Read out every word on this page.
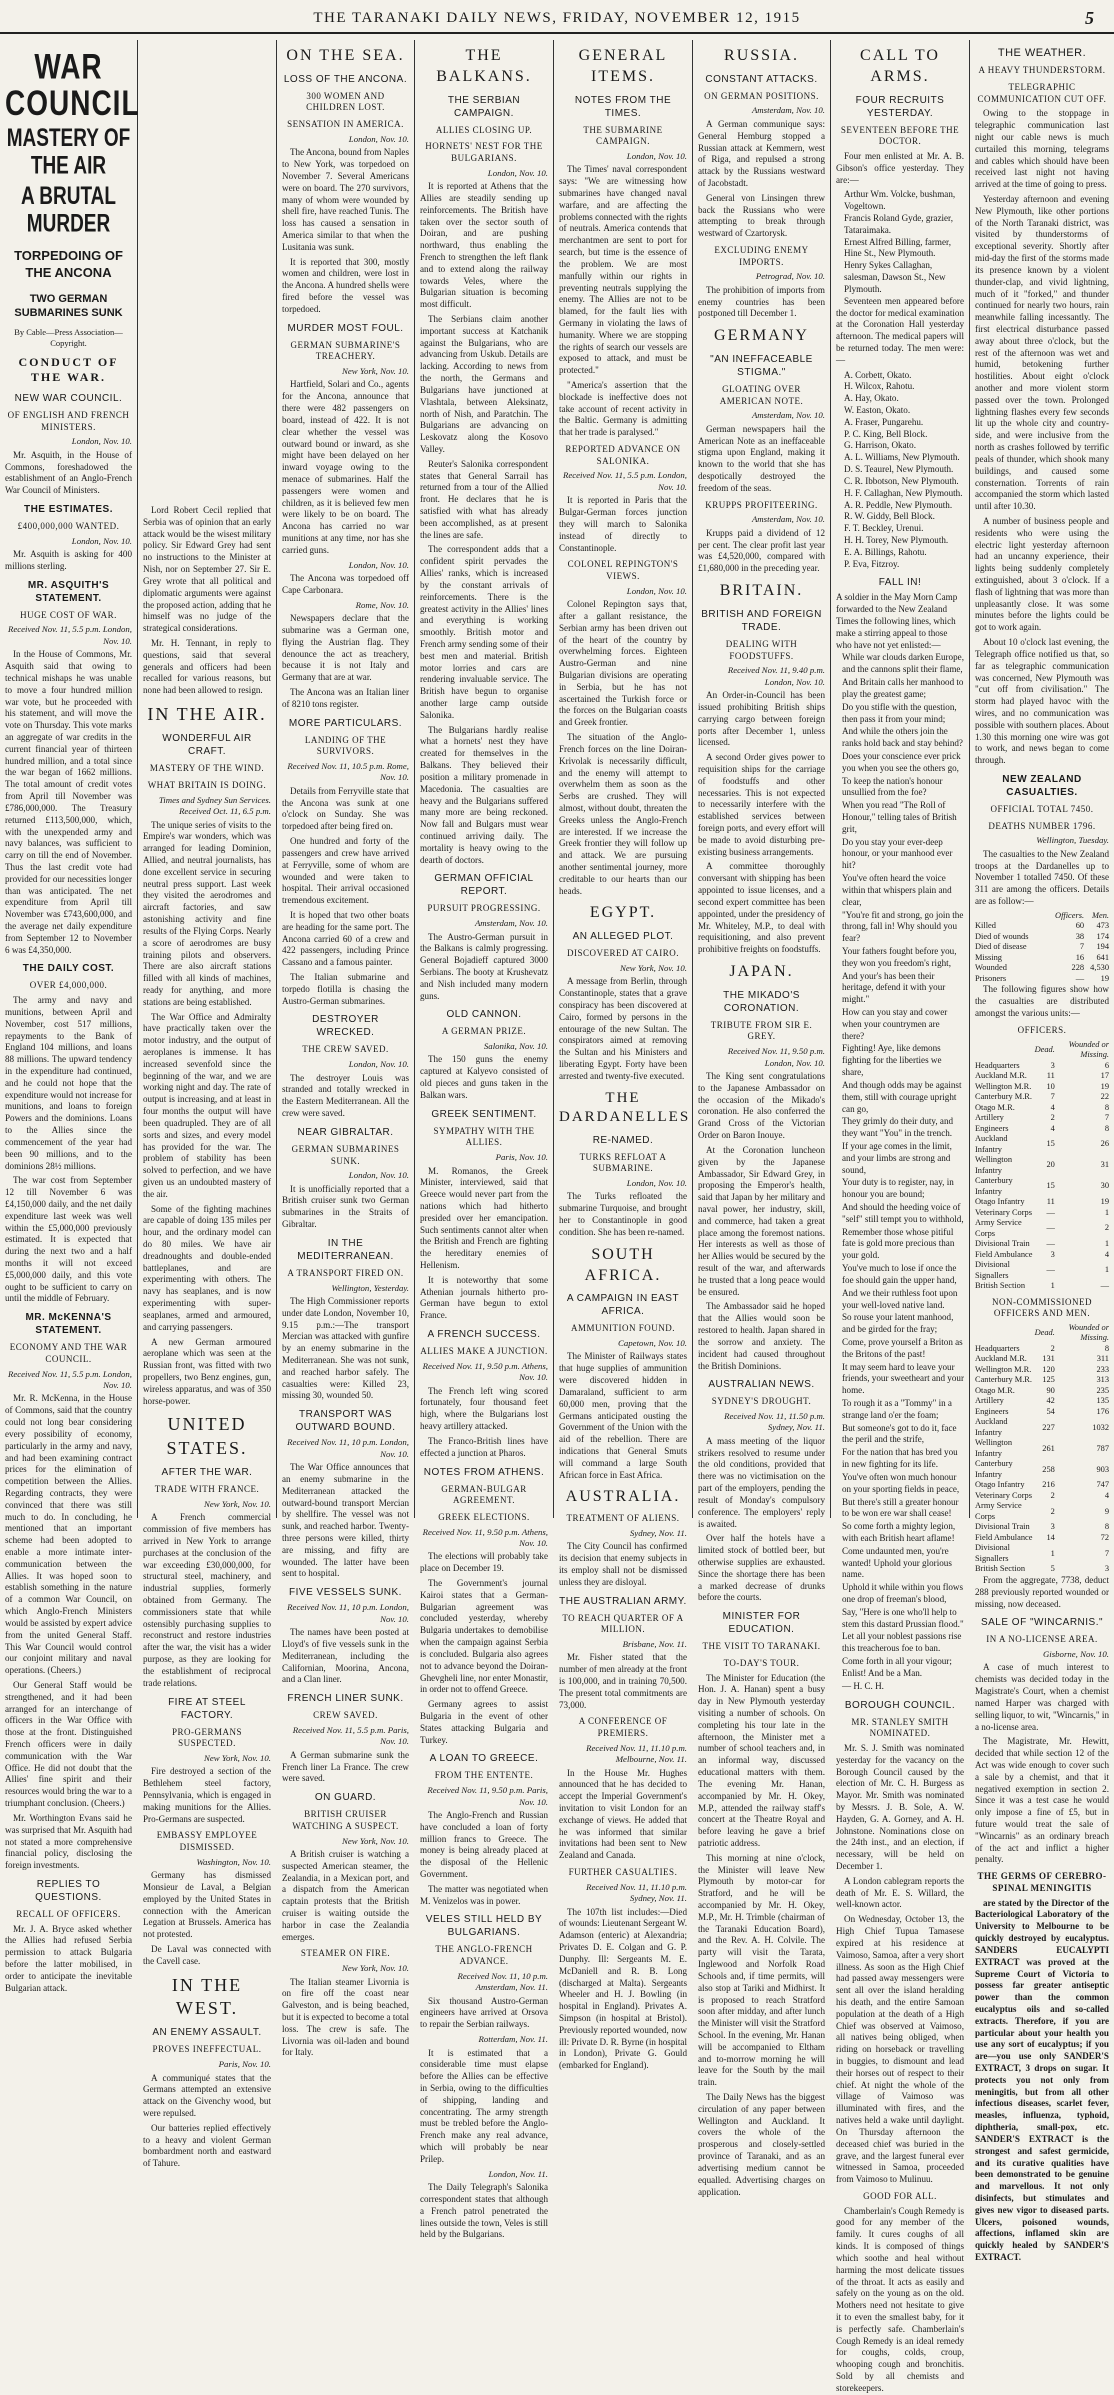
THE TARANAKI DAILY NEWS, FRIDAY, NOVEMBER 12, 1915	5
WAR COUNCIL
MASTERY OF THE AIR
A BRUTAL MURDER
TORPEDOING OF THE ANCONA
TWO GERMAN SUBMARINES SUNK
By Cable—Press Association—Copyright.
CONDUCT OF THE WAR.
NEW WAR COUNCIL.
OF ENGLISH AND FRENCH MINISTERS.
London, Nov. 10.

Mr. Asquith, in the House of Commons, foreshadowed the establishment of an Anglo-French War Council of Ministers.

THE ESTIMATES.
£400,000,000 WANTED.
London, Nov. 10.

Mr. Asquith is asking for 400 millions sterling.

MR. ASQUITH'S STATEMENT.
HUGE COST OF WAR.
Received Nov. 11, 5.5 p.m. London, Nov. 10.

In the House of Commons, Mr. Asquith said that owing to technical mishaps he was unable to move a four hundred million war vote, but he proceeded with his statement, and will move the vote on Thursday. This vote marks an aggregate of war credits in the current financial year of thirteen hundred million, and a total since the war began of 1662 millions. The total amount of credit votes from April till November was £786,000,000. The Treasury returned £113,500,000, which, with the unexpended army and navy balances, was sufficient to carry on till the end of November. Thus the last credit vote had provided for our necessities longer than was anticipated. The net expenditure from April till November was £743,600,000, and the average net daily expenditure from September 12 to November 6 was £4,350,000.

THE DAILY COST.
OVER £4,000,000.

The army and navy and munitions, between April and November, cost 517 millions, repayments to the Bank of England 104 millions, and loans 88 millions. The upward tendency in the expenditure had continued, and he could not hope that the expenditure would not increase for munitions, and loans to foreign Powers and the dominions. Loans to the Allies since the commencement of the year had been 90 millions, and to the dominions 28½ millions.

The war cost from September 12 till November 6 was £4,150,000 daily, and the net daily expenditure last week was well within the £5,000,000 previously estimated. It is expected that during the next two and a half months it will not exceed £5,000,000 daily, and this vote ought to be sufficient to carry on until the middle of February.

MR. McKENNA'S STATEMENT.
ECONOMY AND THE WAR COUNCIL.
Received Nov. 11, 5.5 p.m. London, Nov. 10.

Mr. R. McKenna, in the House of Commons, said that the country could not long bear considering every possibility of economy, particularly in the army and navy, and had been examining contract prices for the elimination of competition between the Allies. Regarding contracts, they were convinced that there was still much to do. In concluding, he mentioned that an important scheme had been adopted to enable a more intimate inter-communication between the Allies. It was hoped soon to establish something in the nature of a common War Council, on which Anglo-French Ministers would be assisted by expert advice from the united General Staff. This War Council would control our conjoint military and naval operations. (Cheers.)

Our General Staff would be strengthened, and it had been arranged for an interchange of officers in the War Office with those at the front. Distinguished French officers were in daily communication with the War Office. He did not doubt that the Allies' fine spirit and their resources would bring the war to a triumphant conclusion. (Cheers.)

Mr. Worthington Evans said he was surprised that Mr. Asquith had not stated a more comprehensive financial policy, disclosing the foreign investments.

REPLIES TO QUESTIONS.
RECALL OF OFFICERS.

Mr. J. A. Bryce asked whether the Allies had refused Serbia permission to attack Bulgaria before the latter mobilised, in order to anticipate the inevitable Bulgarian attack.

Lord Robert Cecil replied that Serbia was of opinion that an early attack would be the wisest military policy. Sir Edward Grey had sent no instructions to the Minister at Nish, nor on September 27. Sir E. Grey wrote that all political and diplomatic arguments were against the proposed action, adding that he himself was no judge of the strategical considerations.

Mr. H. Tennant, in reply to questions, said that several generals and officers had been recalled for various reasons, but none had been allowed to resign.

IN THE AIR.
WONDERFUL AIR CRAFT.
MASTERY OF THE WIND.
WHAT BRITAIN IS DOING.
Times and Sydney Sun Services. Received Oct. 11, 6.5 p.m.

The unique series of visits to the Empire's war wonders, which was arranged for leading Dominion, Allied, and neutral journalists, has done excellent service in securing neutral press support. Last week they visited the aerodromes and aircraft factories, and saw astonishing activity and fine results of the Flying Corps. Nearly a score of aerodromes are busy training pilots and observers. There are also aircraft stations filled with all kinds of machines, ready for anything, and more stations are being established.

The War Office and Admiralty have practically taken over the motor industry, and the output of aeroplanes is immense. It has increased sevenfold since the beginning of the war, and we are working night and day. The rate of output is increasing, and at least in four months the output will have been quadrupled. They are of all sorts and sizes, and every model has provided for the war. The problem of stability has been solved to perfection, and we have given us an undoubted mastery of the air.

Some of the fighting machines are capable of doing 135 miles per hour, and the ordinary model can do 80 miles. We have air dreadnoughts and double-ended battleplanes, and are experimenting with others. The navy has seaplanes, and is now experimenting with super-seaplanes, armed and armoured, and carrying passengers.

A new German armoured aeroplane which was seen at the Russian front, was fitted with two propellers, two Benz engines, gun, wireless apparatus, and was of 350 horse-power.

UNITED STATES.
AFTER THE WAR.
TRADE WITH FRANCE.
New York, Nov. 10.

A French commercial commission of five members has arrived in New York to arrange purchases at the conclusion of the war exceeding £30,000,000, for structural steel, machinery, and industrial supplies, formerly obtained from Germany. The commissioners state that while ostensibly purchasing supplies to reconstruct and restore industries after the war, the visit has a wider purpose, as they are looking for the establishment of reciprocal trade relations.

FIRE AT STEEL FACTORY.
PRO-GERMANS SUSPECTED.
New York, Nov. 10.

Fire destroyed a section of the Bethlehem steel factory, Pennsylvania, which is engaged in making munitions for the Allies. Pro-Germans are suspected.

EMBASSY EMPLOYEE DISMISSED.
Washington, Nov. 10.

Germany has dismissed Monsieur de Laval, a Belgian employed by the United States in connection with the American Legation at Brussels. America has not protested.

De Laval was connected with the Cavell case.

IN THE WEST.
AN ENEMY ASSAULT.
PROVES INEFFECTUAL.
Paris, Nov. 10.

A communiqué states that the Germans attempted an extensive attack on the Givenchy wood, but were repulsed.

Our batteries replied effectively to a heavy and violent German bombardment north and eastward of Tahure.

ON THE SEA.
LOSS OF THE ANCONA.
300 WOMEN AND CHILDREN LOST.
SENSATION IN AMERICA.
London, Nov. 10.

The Ancona, bound from Naples to New York, was torpedoed on November 7. Several Americans were on board. The 270 survivors, many of whom were wounded by shell fire, have reached Tunis. The loss has caused a sensation in America similar to that when the Lusitania was sunk.

It is reported that 300, mostly women and children, were lost in the Ancona. A hundred shells were fired before the vessel was torpedoed.

MURDER MOST FOUL.
GERMAN SUBMARINE'S TREACHERY.
New York, Nov. 10.

Hartfield, Solari and Co., agents for the Ancona, announce that there were 482 passengers on board, instead of 422. It is not clear whether the vessel was outward bound or inward, as she might have been delayed on her inward voyage owing to the menace of submarines. Half the passengers were women and children, as it is believed few men were likely to be on board. The Ancona has carried no war munitions at any time, nor has she carried guns.

London, Nov. 10.

The Ancona was torpedoed off Cape Carbonara.

Rome, Nov. 10.

Newspapers declare that the submarine was a German one, flying the Austrian flag. They denounce the act as treachery, because it is not Italy and Germany that are at war.

The Ancona was an Italian liner of 8210 tons register.

MORE PARTICULARS.
LANDING OF THE SURVIVORS.
Received Nov. 11, 10.5 p.m. Rome, Nov. 10.

Details from Ferryville state that the Ancona was sunk at one o'clock on Sunday. She was torpedoed after being fired on.

One hundred and forty of the passengers and crew have arrived at Ferryville, some of whom are wounded and were taken to hospital. Their arrival occasioned tremendous excitement.

It is hoped that two other boats are heading for the same port. The Ancona carried 60 of a crew and 422 passengers, including Prince Cassano and a famous painter.

The Italian submarine and torpedo flotilla is chasing the Austro-German submarines.

DESTROYER WRECKED.
THE CREW SAVED.
London, Nov. 10.

The destroyer Louis was stranded and totally wrecked in the Eastern Mediterranean. All the crew were saved.

NEAR GIBRALTAR.
GERMAN SUBMARINES SUNK.
London, Nov. 10.

It is unofficially reported that a British cruiser sunk two German submarines in the Straits of Gibraltar.

IN THE MEDITERRANEAN.
A TRANSPORT FIRED ON.
Wellington, Yesterday.

The High Commissioner reports under date London, November 10, 9.15 p.m.:—The transport Mercian was attacked with gunfire by an enemy submarine in the Mediterranean. She was not sunk, and reached harbor safely. The casualties were: Killed 23, missing 30, wounded 50.

TRANSPORT WAS OUTWARD BOUND.
Received Nov. 11, 10 p.m. London, Nov. 10.

The War Office announces that an enemy submarine in the Mediterranean attacked the outward-bound transport Mercian by shellfire. The vessel was not sunk, and reached harbor. Twenty-three persons were killed, thirty are missing, and fifty are wounded. The latter have been sent to hospital.

FIVE VESSELS SUNK.
Received Nov. 11, 10 p.m. London, Nov. 10.

The names have been posted at Lloyd's of five vessels sunk in the Mediterranean, including the Californian, Moorina, Ancona, and a Clan liner.

FRENCH LINER SUNK.
CREW SAVED.
Received Nov. 11, 5.5 p.m. Paris, Nov. 10.

A German submarine sunk the French liner La France. The crew were saved.

ON GUARD.
BRITISH CRUISER WATCHING A SUSPECT.
New York, Nov. 10.

A British cruiser is watching a suspected American steamer, the Zealandia, in a Mexican port, and a dispatch from the American captain protests that the British cruiser is waiting outside the harbor in case the Zealandia emerges.

STEAMER ON FIRE.
New York, Nov. 10.

The Italian steamer Livornia is on fire off the coast near Galveston, and is being beached, but it is expected to become a total loss. The crew is safe. The Livornia was oil-laden and bound for Italy.

THE BALKANS.
THE SERBIAN CAMPAIGN.
ALLIES CLOSING UP.
HORNETS' NEST FOR THE BULGARIANS.
London, Nov. 10.

It is reported at Athens that the Allies are steadily sending up reinforcements. The British have taken over the sector south of Doiran, and are pushing northward, thus enabling the French to strengthen the left flank and to extend along the railway towards Veles, where the Bulgarian situation is becoming most difficult.

The Serbians claim another important success at Katchanik against the Bulgarians, who are advancing from Uskub. Details are lacking. According to news from the north, the Germans and Bulgarians have junctioned at Vlashtala, between Aleksinatz, north of Nish, and Paratchin. The Bulgarians are advancing on Leskovatz along the Kosovo Valley.

Reuter's Salonika correspondent states that General Sarrail has returned from a tour of the Allied front. He declares that he is satisfied with what has already been accomplished, as at present the lines are safe.

The correspondent adds that a confident spirit pervades the Allies' ranks, which is increased by the constant arrivals of reinforcements. There is the greatest activity in the Allies' lines and everything is working smoothly. British motor and French army sending some of their best men and material. British motor lorries and cars are rendering invaluable service. The British have begun to organise another large camp outside Salonika.

The Bulgarians hardly realise what a hornets' nest they have created for themselves in the Balkans. They believed their position a military promenade in Macedonia. The casualties are heavy and the Bulgarians suffered many more are being reckoned. Now fall and Bulgars must wear continued arriving daily. The mortality is heavy owing to the dearth of doctors.

GERMAN OFFICIAL REPORT.
PURSUIT PROGRESSING.
Amsterdam, Nov. 10.

The Austro-German pursuit in the Balkans is calmly progressing. General Bojadieff captured 3000 Serbians. The booty at Krushevatz and Nish included many modern guns.

OLD CANNON.
A GERMAN PRIZE.
Salonika, Nov. 10.

The 150 guns the enemy captured at Kalyevo consisted of old pieces and guns taken in the Balkan wars.

GREEK SENTIMENT.
SYMPATHY WITH THE ALLIES.
Paris, Nov. 10.

M. Romanos, the Greek Minister, interviewed, said that Greece would never part from the nations which had hitherto presided over her emancipation. Such sentiments cannot alter when the British and French are fighting the hereditary enemies of Hellenism.

It is noteworthy that some Athenian journals hitherto pro-German have begun to extol France.

A FRENCH SUCCESS.
ALLIES MAKE A JUNCTION.
Received Nov. 11, 9.50 p.m. Athens, Nov. 10.

The French left wing scored fortunately, four thousand feet high, where the Bulgarians lost heavy artillery attacked.

The Franco-British lines have effected a junction at Pharos.

NOTES FROM ATHENS.
GERMAN-BULGAR AGREEMENT.
GREEK ELECTIONS.
Received Nov. 11, 9.50 p.m. Athens, Nov. 10.

The elections will probably take place on December 19.

The Government's journal Kairoi states that a German-Bulgarian agreement was concluded yesterday, whereby Bulgaria undertakes to demobilise when the campaign against Serbia is concluded. Bulgaria also agrees not to advance beyond the Doiran-Ghevgheli line, nor enter Monastir, in order not to offend Greece.

Germany agrees to assist Bulgaria in the event of other States attacking Bulgaria and Turkey.

A LOAN TO GREECE.
FROM THE ENTENTE.
Received Nov. 11, 9.50 p.m. Paris, Nov. 10.

The Anglo-French and Russian have concluded a loan of forty million francs to Greece. The money is being already placed at the disposal of the Hellenic Government.

The matter was negotiated when M. Venizelos was in power.

VELES STILL HELD BY BULGARIANS.
THE ANGLO-FRENCH ADVANCE.
Received Nov. 11, 10 p.m. Amsterdam, Nov. 11.

Six thousand Austro-German engineers have arrived at Orsova to repair the Serbian railways.

Rotterdam, Nov. 11.

It is estimated that a considerable time must elapse before the Allies can be effective in Serbia, owing to the difficulties of shipping, landing and concentrating. The army strength must be trebled before the Anglo-French make any real advance, which will probably be near Prilep.

London, Nov. 11.

The Daily Telegraph's Salonika correspondent states that although a French patrol penetrated the lines outside the town, Veles is still held by the Bulgarians.

GENERAL ITEMS.
NOTES FROM THE TIMES.
THE SUBMARINE CAMPAIGN.
London, Nov. 10.

The Times' naval correspondent says: "We are witnessing how submarines have changed naval warfare, and are affecting the problems connected with the rights of neutrals. America contends that merchantmen are sent to port for search, but time is the essence of the problem. We are most manfully within our rights in preventing neutrals supplying the enemy. The Allies are not to be blamed, for the fault lies with Germany in violating the laws of humanity. Where we are stopping the rights of search our vessels are exposed to attack, and must be protected."

"America's assertion that the blockade is ineffective does not take account of recent activity in the Baltic. Germany is admitting that her trade is paralysed."

REPORTED ADVANCE ON SALONIKA.
Received Nov. 11, 5.5 p.m. London, Nov. 10.

It is reported in Paris that the Bulgar-German forces junction they will march to Salonika instead of directly to Constantinople.

COLONEL REPINGTON'S VIEWS.
London, Nov. 10.

Colonel Repington says that, after a gallant resistance, the Serbian army has been driven out of the heart of the country by overwhelming forces. Eighteen Austro-German and nine Bulgarian divisions are operating in Serbia, but he has not ascertained the Turkish force or the forces on the Bulgarian coasts and Greek frontier.

The situation of the Anglo-French forces on the line Doiran-Krivolak is necessarily difficult, and the enemy will attempt to overwhelm them as soon as the Serbs are crushed. They will almost, without doubt, threaten the Greeks unless the Anglo-French are interested. If we increase the Greek frontier they will follow up and attack. We are pursuing another sentimental journey, more creditable to our hearts than our heads.

EGYPT.
AN ALLEGED PLOT.
DISCOVERED AT CAIRO.
New York, Nov. 10.

A message from Berlin, through Constantinople, states that a grave conspiracy has been discovered at Cairo, formed by persons in the entourage of the new Sultan. The conspirators aimed at removing the Sultan and his Ministers and liberating Egypt. Forty have been arrested and twenty-five executed.

THE DARDANELLES
RE-NAMED.
TURKS REFLOAT A SUBMARINE.
London, Nov. 10.

The Turks refloated the submarine Turquoise, and brought her to Constantinople in good condition. She has been re-named.

SOUTH AFRICA.
A CAMPAIGN IN EAST AFRICA.
AMMUNITION FOUND.
Capetown, Nov. 10.

The Minister of Railways states that huge supplies of ammunition were discovered hidden in Damaraland, sufficient to arm 60,000 men, proving that the Germans anticipated ousting the Government of the Union with the aid of the rebellion. There are indications that General Smuts will command a large South African force in East Africa.

AUSTRALIA.
TREATMENT OF ALIENS.
Sydney, Nov. 11.

The City Council has confirmed its decision that enemy subjects in its employ shall not be dismissed unless they are disloyal.

THE AUSTRALIAN ARMY.
TO REACH QUARTER OF A MILLION.
Brisbane, Nov. 11.

Mr. Fisher stated that the number of men already at the front is 100,000, and in training 70,500. The present total commitments are 73,000.

A CONFERENCE OF PREMIERS.
Received Nov. 11, 11.10 p.m. Melbourne, Nov. 11.

In the House Mr. Hughes announced that he has decided to accept the Imperial Government's invitation to visit London for an exchange of views. He added that he was informed that similar invitations had been sent to New Zealand and Canada.

FURTHER CASUALTIES.
Received Nov. 11, 11.10 p.m. Sydney, Nov. 11.

The 107th list includes:—Died of wounds: Lieutenant Sergeant W. Adamson (enteric) at Alexandria; Privates D. E. Colgan and G. P. Dunphy. Ill: Sergeants M. E. McDaniell and R. B. Long (discharged at Malta). Sergeants Wheeler and H. J. Bowling (in hospital in England). Privates A. Simpson (in hospital at Bristol). Previously reported wounded, now ill: Private D. R. Byrne (in hospital in London), Private G. Gould (embarked for England).

RUSSIA.
CONSTANT ATTACKS.
ON GERMAN POSITIONS.
Amsterdam, Nov. 10.

A German communique says: General Hemburg stopped a Russian attack at Kemmern, west of Riga, and repulsed a strong attack by the Russians westward of Jacobstadt.

General von Linsingen threw back the Russians who were attempting to break through westward of Czartorysk.

EXCLUDING ENEMY IMPORTS.
Petrograd, Nov. 10.

The prohibition of imports from enemy countries has been postponed till December 1.

GERMANY
"AN INEFFACEABLE STIGMA."
GLOATING OVER AMERICAN NOTE.
Amsterdam, Nov. 10.

German newspapers hail the American Note as an ineffaceable stigma upon England, making it known to the world that she has despotically destroyed the freedom of the seas.

KRUPPS PROFITEERING.
Amsterdam, Nov. 10.

Krupps paid a dividend of 12 per cent. The clear profit last year was £4,520,000, compared with £1,680,000 in the preceding year.

BRITAIN.
BRITISH AND FOREIGN TRADE.
DEALING WITH FOODSTUFFS.
Received Nov. 11, 9.40 p.m. London, Nov. 10.

An Order-in-Council has been issued prohibiting British ships carrying cargo between foreign ports after December 1, unless licensed.

A second Order gives power to requisition ships for the carriage of foodstuffs and other necessaries. This is not expected to necessarily interfere with the established services between foreign ports, and every effort will be made to avoid disturbing pre-existing business arrangements.

A committee thoroughly conversant with shipping has been appointed to issue licenses, and a second expert committee has been appointed, under the presidency of Mr. Whiteley, M.P., to deal with requisitioning, and also prevent prohibitive freights on foodstuffs.

JAPAN.
THE MIKADO'S CORONATION.
TRIBUTE FROM SIR E. GREY.
Received Nov. 11, 9.50 p.m. London, Nov. 10.

The King sent congratulations to the Japanese Ambassador on the occasion of the Mikado's coronation. He also conferred the Grand Cross of the Victorian Order on Baron Inouye.

At the Coronation luncheon given by the Japanese Ambassador, Sir Edward Grey, in proposing the Emperor's health, said that Japan by her military and naval power, her industry, skill, and commerce, had taken a great place among the foremost nations. Her interests as well as those of her Allies would be secured by the result of the war, and afterwards he trusted that a long peace would be ensured.

The Ambassador said he hoped that the Allies would soon be restored to health. Japan shared in the sorrow and anxiety. The incident had caused throughout the British Dominions.

AUSTRALIAN NEWS.
SYDNEY'S DROUGHT.
Received Nov. 11, 11.50 p.m. Sydney, Nov. 11.

A mass meeting of the liquor strikers resolved to resume under the old conditions, provided that there was no victimisation on the part of the employers, pending the result of Monday's compulsory conference. The employers' reply is awaited.

Over half the hotels have a limited stock of bottled beer, but otherwise supplies are exhausted. Since the shortage there has been a marked decrease of drunks before the courts.

MINISTER FOR EDUCATION.
THE VISIT TO TARANAKI.
TO-DAY'S TOUR.

The Minister for Education (the Hon. J. A. Hanan) spent a busy day in New Plymouth yesterday visiting a number of schools. On completing his tour late in the afternoon, the Minister met a number of school teachers and, in an informal way, discussed educational matters with them. The evening Mr. Hanan, accompanied by Mr. H. Okey, M.P., attended the railway staff's concert at the Theatre Royal and before leaving he gave a brief patriotic address.

This morning at nine o'clock, the Minister will leave New Plymouth by motor-car for Stratford, and he will be accompanied by Mr. H. Okey, M.P., Mr. H. Trimble (chairman of the Taranaki Education Board), and the Rev. A. H. Colvile. The party will visit the Tarata, Inglewood and Norfolk Road Schools and, if time permits, will also stop at Tariki and Midhirst. It is proposed to reach Stratford soon after midday, and after lunch the Minister will visit the Stratford School. In the evening, Mr. Hanan will be accompanied to Eltham and to-morrow morning he will leave for the South by the mail train.

The Daily News has the biggest circulation of any paper between Wellington and Auckland. It covers the whole of the prosperous and closely-settled province of Taranaki, and as an advertising medium cannot be equalled. Advertising charges on application.

CALL TO ARMS.
FOUR RECRUITS YESTERDAY.
SEVENTEEN BEFORE THE DOCTOR.

Four men enlisted at Mr. A. B. Gibson's office yesterday. They are:—

Arthur Wm. Volcke, bushman, Vogeltown.
Francis Roland Gyde, grazier, Tataraimaka.
Ernest Alfred Billing, farmer, Hine St., New Plymouth.
Henry Sykes Callaghan, salesman, Dawson St., New Plymouth.

Seventeen men appeared before the doctor for medical examination at the Coronation Hall yesterday afternoon. The medical papers will be returned today. The men were:—

A. Corbett, Okato.
H. Wilcox, Rahotu.
A. Hay, Okato.
W. Easton, Okato.
A. Fraser, Pungarehu.
P. C. King, Bell Block.
G. Harrison, Okato.
A. L. Williams, New Plymouth.
D. S. Teaurel, New Plymouth.
C. R. Ibbotson, New Plymouth.
H. F. Callaghan, New Plymouth.
A. R. Peddle, New Plymouth.
R. W. Giddy, Bell Block.
F. T. Beckley, Urenui.
H. H. Torey, New Plymouth.
E. A. Billings, Rahotu.
P. Eva, Fitzroy.
FALL IN!
A soldier in the May Morn Camp forwarded to the New Zealand Times the following lines, which make a stirring appeal to those who have not yet enlisted:—
While war clouds darken Europe, and the cannons split their flame,
And Britain calls her manhood to play the greatest game;
Do you stifle with the question, then pass it from your mind;
And while the others join the ranks hold back and stay behind?
Does your conscience ever prick you when you see the others go,
To keep the nation's honour unsullied from the foe?
When you read "The Roll of Honour," telling tales of British grit,
Do you stay your ever-deep honour, or your manhood ever hit?
You've often heard the voice within that whispers plain and clear,
"You're fit and strong, go join the throng, fall in! Why should you fear?
Your fathers fought before you, they won you freedom's right,
And your's has been their heritage, defend it with your might."
How can you stay and cower when your countrymen are there?
Fighting! Aye, like demons fighting for the liberties we share,
And though odds may be against them, still with courage upright can go,
They grimly do their duty, and they want "You" in the trench.
If your age comes in the limit, and your limbs are strong and sound,
Your duty is to register, nay, in honour you are bound;
And should the heeding voice of "self" still tempt you to withhold,
Remember those whose pitiful fate is gold more precious than your gold.
You've much to lose if once the foe should gain the upper hand,
And we their ruthless foot upon your well-loved native land.
So rouse your latent manhood, and be girded for the fray;
Come, prove yourself a Briton as the Britons of the past!
It may seem hard to leave your friends, your sweetheart and your home.
To rough it as a "Tommy" in a strange land o'er the foam;
But someone's got to do it, face the peril and the strife,
For the nation that has bred you in new fighting for its life.
You've often won much honour on your sporting fields in peace,
But there's still a greater honour to be won ere war shall cease!
So come forth a mighty legion, with each British heart aflame!
Come undaunted men, you're wanted! Uphold your glorious name.
Uphold it while within you flows one drop of freeman's blood,
Say, "Here is one who'll help to stem this dastard Prussian flood."
Let all your noblest passions rise this treacherous foe to ban.
Come forth in all your vigour; Enlist! And be a Man.
— H. C. H.
BOROUGH COUNCIL.
MR. STANLEY SMITH NOMINATED.

Mr. S. J. Smith was nominated yesterday for the vacancy on the Borough Council caused by the election of Mr. C. H. Burgess as Mayor. Mr. Smith was nominated by Messrs. J. B. Sole, A. W. Hayden, G. A. Gorney, and A. H. Johnstone. Nominations close on the 24th inst., and an election, if necessary, will be held on December 1.

A London cablegram reports the death of Mr. E. S. Willard, the well-known actor.

On Wednesday, October 13, the High Chief Tupua Tamasese expired at his residence at Vaimoso, Samoa, after a very short illness. As soon as the High Chief had passed away messengers were sent all over the island heralding his death, and the entire Samoan population at the death of a High Chief was observed at Vaimoso, all natives being obliged, when riding on horseback or travelling in buggies, to dismount and lead their horses out of respect to their chief. At night the whole of the village of Vaimoso was illuminated with fires, and the natives held a wake until daylight. On Thursday afternoon the deceased chief was buried in the grave, and the largest funeral ever witnessed in Samoa, proceeded from Vaimoso to Mulinuu.

GOOD FOR ALL.

Chamberlain's Cough Remedy is good for any member of the family. It cures coughs of all kinds. It is composed of things which soothe and heal without harming the most delicate tissues of the throat. It acts as easily and safely on the young as on the old. Mothers need not hesitate to give it to even the smallest baby, for it is perfectly safe. Chamberlain's Cough Remedy is an ideal remedy for coughs, colds, croup, whooping cough and bronchitis. Sold by all chemists and storekeepers.

THE WEATHER.
A HEAVY THUNDERSTORM.
TELEGRAPHIC COMMUNICATION CUT OFF.

Owing to the stoppage in telegraphic communication last night our cable news is much curtailed this morning, telegrams and cables which should have been received last night not having arrived at the time of going to press.

Yesterday afternoon and evening New Plymouth, like other portions of the North Taranaki district, was visited by thunderstorms of exceptional severity. Shortly after mid-day the first of the storms made its presence known by a violent thunder-clap, and vivid lightning, much of it "forked," and thunder continued for nearly two hours, rain meanwhile falling incessantly. The first electrical disturbance passed away about three o'clock, but the rest of the afternoon was wet and humid, betokening further hostilities. About eight o'clock another and more violent storm passed over the town. Prolonged lightning flashes every few seconds lit up the whole city and country-side, and were inclusive from the north as crashes followed by terrific peals of thunder, which shook many buildings, and caused some consternation. Torrents of rain accompanied the storm which lasted until after 10.30.

A number of business people and residents who were using the electric light yesterday afternoon had an uncanny experience, their lights being suddenly completely extinguished, about 3 o'clock. If a flash of lightning that was more than unpleasantly close. It was some minutes before the lights could be got to work again.

About 10 o'clock last evening, the Telegraph office notified us that, so far as telegraphic communication was concerned, New Plymouth was "cut off from civilisation." The storm had played havoc with the wires, and no communication was possible with southern places. About 1.30 this morning one wire was got to work, and news began to come through.

NEW ZEALAND CASUALTIES.
OFFICIAL TOTAL 7450.
DEATHS NUMBER 1796.
Wellington, Tuesday.

The casualties to the New Zealand troops at the Dardanelles up to November 1 totalled 7450. Of these 311 are among the officers. Details are as follow:—

	Officers.	Men.
Killed	60	473
Died of wounds	38	174
Died of disease	7	194
Missing	16	641
Wounded	228	4,530
Prisoners	—	19

The following figures show how the casualties are distributed amongst the various units:—

OFFICERS.
	Dead.	Wounded or Missing.
Headquarters	3	6
Auckland M.R.	11	17
Wellington M.R.	10	19
Canterbury M.R.	7	22
Otago M.R.	4	8
Artillery	2	7
Engineers	4	8
Auckland Infantry	15	26
Wellington Infantry	20	31
Canterbury Infantry	15	30
Otago Infantry	11	19
Veterinary Corps	—	1
Army Service Corps	—	2
Divisional Train	—	1
Field Ambulance	3	4
Divisional Signallers	—	1
British Section	1	—
NON-COMMISSIONED OFFICERS AND MEN.
	Dead.	Wounded or Missing.
Headquarters	2	8
Auckland M.R.	131	311
Wellington M.R.	120	233
Canterbury M.R.	125	313
Otago M.R.	90	235
Artillery	42	135
Engineers	54	176
Auckland Infantry	227	1032
Wellington Infantry	261	787
Canterbury Infantry	258	903
Otago Infantry	216	747
Veterinary Corps	2	4
Army Service Corps	2	9
Divisional Train	3	8
Field Ambulance	14	72
Divisional Signallers	1	7
British Section	5	3

From the aggregate, 7738, deduct 288 previously reported wounded or missing, now deceased.

SALE OF "WINCARNIS."
IN A NO-LICENSE AREA.
Gisborne, Nov. 10.

A case of much interest to chemists was decided today in the Magistrate's Court, when a chemist named Harper was charged with selling liquor, to wit, "Wincarnis," in a no-license area.

The Magistrate, Mr. Hewitt, decided that while section 12 of the Act was wide enough to cover such a sale by a chemist, and that it negatived exemption in section 2. Since it was a test case he would only impose a fine of £5, but in future would treat the sale of "Wincarnis" as an ordinary breach of the act and inflict a higher penalty.

THE GERMS OF CEREBRO-SPINAL MENINGITIS

are stated by the Director of the Bacteriological Laboratory of the University to Melbourne to be quickly destroyed by eucalyptus. SANDERS EUCALYPTI EXTRACT was proved at the Supreme Court of Victoria to possess far greater antiseptic power than the common eucalyptus oils and so-called extracts. Therefore, if you are particular about your health you use any sort of eucalyptus; if you are—you use only SANDER'S EXTRACT, 3 drops on sugar. It protects you not only from meningitis, but from all other infectious diseases, scarlet fever, measles, influenza, typhoid, diphtheria, small-pox, etc. SANDER'S EXTRACT is the strongest and safest germicide, and its curative qualities have been demonstrated to be genuine and marvellous. It not only disinfects, but stimulates and gives new vigor to diseased parts. Ulcers, poisoned wounds, affections, inflamed skin are quickly healed by SANDER'S EXTRACT.
